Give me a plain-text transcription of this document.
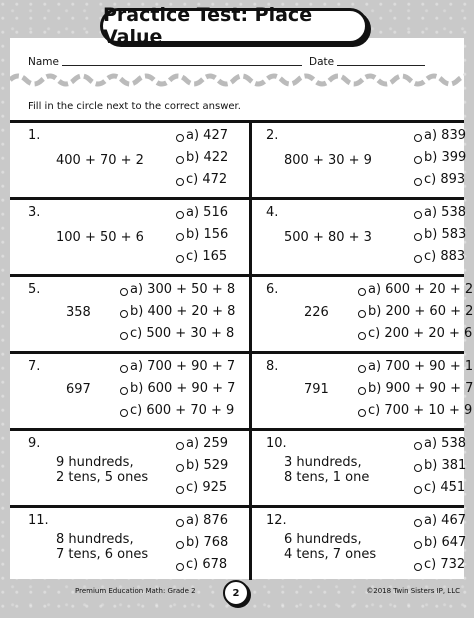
Practice Test: Place Value
Name	Date
Fill in the circle next to the correct answer.
1.
400 + 70 + 2
a) 427
b) 422
c) 472
2.
800 + 30 + 9
a) 839
b) 399
c) 893
3.
100 + 50 + 6
a) 516
b) 156
c) 165
4.
500 + 80 + 3
a) 538
b) 583
c) 883
5.
358
a) 300 + 50 + 8
b) 400 + 20 + 8
c) 500 + 30 + 8
6.
226
a) 600 + 20 + 2
b) 200 + 60 + 2
c) 200 + 20 + 6
7.
697
a) 700 + 90 + 7
b) 600 + 90 + 7
c) 600 + 70 + 9
8.
791
a) 700 + 90 + 1
b) 900 + 90 + 7
c) 700 + 10 + 9
9.
9 hundreds,
2 tens, 5 ones
a) 259
b) 529
c) 925
10.
3 hundreds,
8 tens, 1 one
a) 538
b) 381
c) 451
11.
8 hundreds,
7 tens, 6 ones
a) 876
b) 768
c) 678
12.
6 hundreds,
4 tens, 7 ones
a) 467
b) 647
c) 732
Premium Education Math: Grade 2	©2018 Twin Sisters IP, LLC
2
